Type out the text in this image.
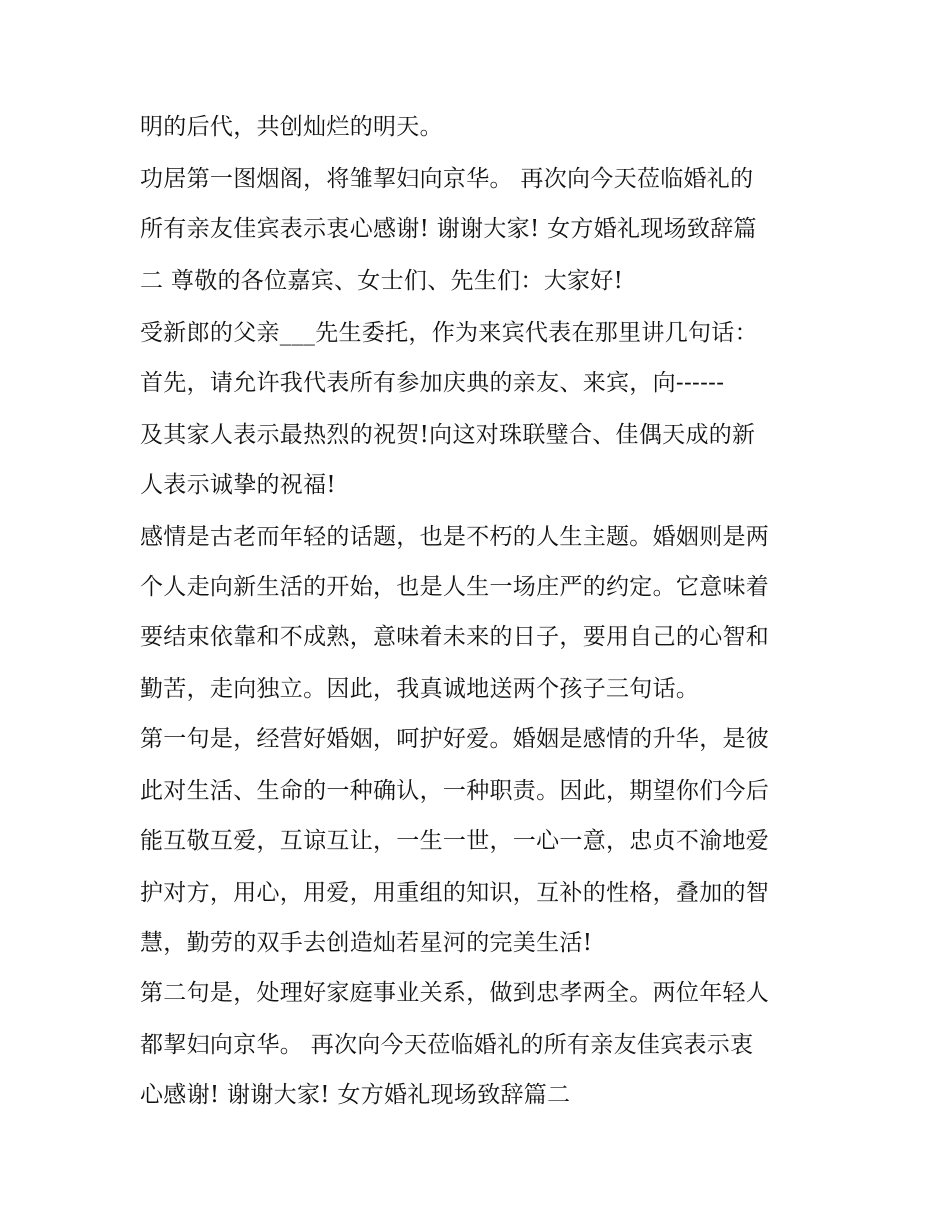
明的后代，共创灿烂的明天。
功居第一图烟阁，将雏挈妇向京华。 再次向今天莅临婚礼的
所有亲友佳宾表示衷心感谢! 谢谢大家! 女方婚礼现场致辞篇
二 尊敬的各位嘉宾、女士们、先生们：大家好!
受新郎的父亲___先生委托，作为来宾代表在那里讲几句话：
首先，请允许我代表所有参加庆典的亲友、来宾，向------
及其家人表示最热烈的祝贺!向这对珠联璧合、佳偶天成的新
人表示诚挚的祝福!
感情是古老而年轻的话题，也是不朽的人生主题。婚姻则是两
个人走向新生活的开始，也是人生一场庄严的约定。它意味着
要结束依靠和不成熟，意味着未来的日子，要用自己的心智和
勤苦，走向独立。因此，我真诚地送两个孩子三句话。
第一句是，经营好婚姻，呵护好爱。婚姻是感情的升华，是彼
此对生活、生命的一种确认，一种职责。因此，期望你们今后
能互敬互爱，互谅互让，一生一世，一心一意，忠贞不渝地爱
护对方，用心，用爱，用重组的知识，互补的性格，叠加的智
慧，勤劳的双手去创造灿若星河的完美生活!
第二句是，处理好家庭事业关系，做到忠孝两全。两位年轻人
都挈妇向京华。 再次向今天莅临婚礼的所有亲友佳宾表示衷
心感谢! 谢谢大家! 女方婚礼现场致辞篇二
